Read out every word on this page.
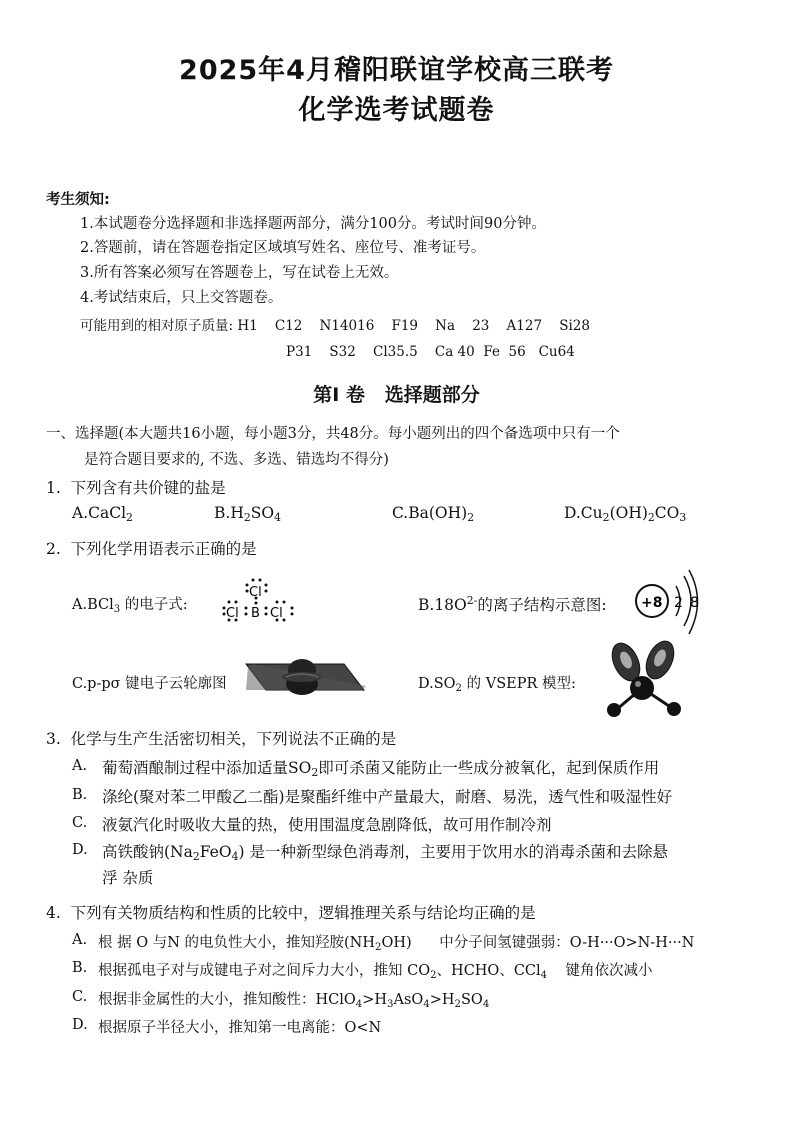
2025年4月稽阳联谊学校高三联考
化学选考试题卷
考生须知:
1.本试题卷分选择题和非选择题两部分，满分100分。考试时间90分钟。
2.答题前，请在答题卷指定区域填写姓名、座位号、准考证号。
3.所有答案必须写在答题卷上，写在试卷上无效。
4.考试结束后，只上交答题卷。
可能用到的相对原子质量: H1    C12    N14016    F19    Na    23    A127    Si28
P31    S32    Cl35.5    Ca 40  Fe  56   Cu64
第I 卷   选择题部分
一、选择题(本大题共16小题，每小题3分，共48分。每小题列出的四个备选项中只有一个
是符合题目要求的, 不选、多选、错选均不得分)
1.  下列含有共价键的盐是
A.CaCl$_2$	$B.H_2SO_4$	$C.Ba(OH)_2$	$D.Cu_2(OH)_2CO_3$
2.  下列化学用语表示正确的是
A.BCl$_3$ 的电子式:
Cl
Cl B Cl	$B.18O^{2-}$的离子结构示意图: +8 2 8
C.p-pσ 键电子云轮廓图	$D.SO_2$ 的 VSEPR 模型:
3.  化学与生产生活密切相关，下列说法不正确的是
A. 葡萄酒酿制过程中添加适量$SO_2$即可杀菌又能防止一些成分被氧化，起到保质作用
B. 涤纶(聚对苯二甲酸乙二酯)是聚酯纤维中产量最大，耐磨、易洗，透气性和吸湿性好
C. 液氨汽化时吸收大量的热，使用围温度急剧降低，故可用作制冷剂
D. 高铁酸钠$(Na_2FeO_4)$ 是一种新型绿色消毒剂，主要用于饮用水的消毒杀菌和去除悬
浮 杂质
4.  下列有关物质结构和性质的比较中，逻辑推理关系与结论均正确的是
A. 根 据 O 与N 的电负性大小，推知羟胺$(NH_2OH)$      中分子间氢键强弱：O-H···O>N-H···N
B. 根据孤电子对与成键电子对之间斥力大小，推知 $CO_2$、HCHO、CCl$_4$    键角依次减小
C. 根据非金属性的大小，推知酸性：$HClO_4>H_3AsO_4>H_2SO_4$
D. 根据原子半径大小，推知第一电离能：O<N
